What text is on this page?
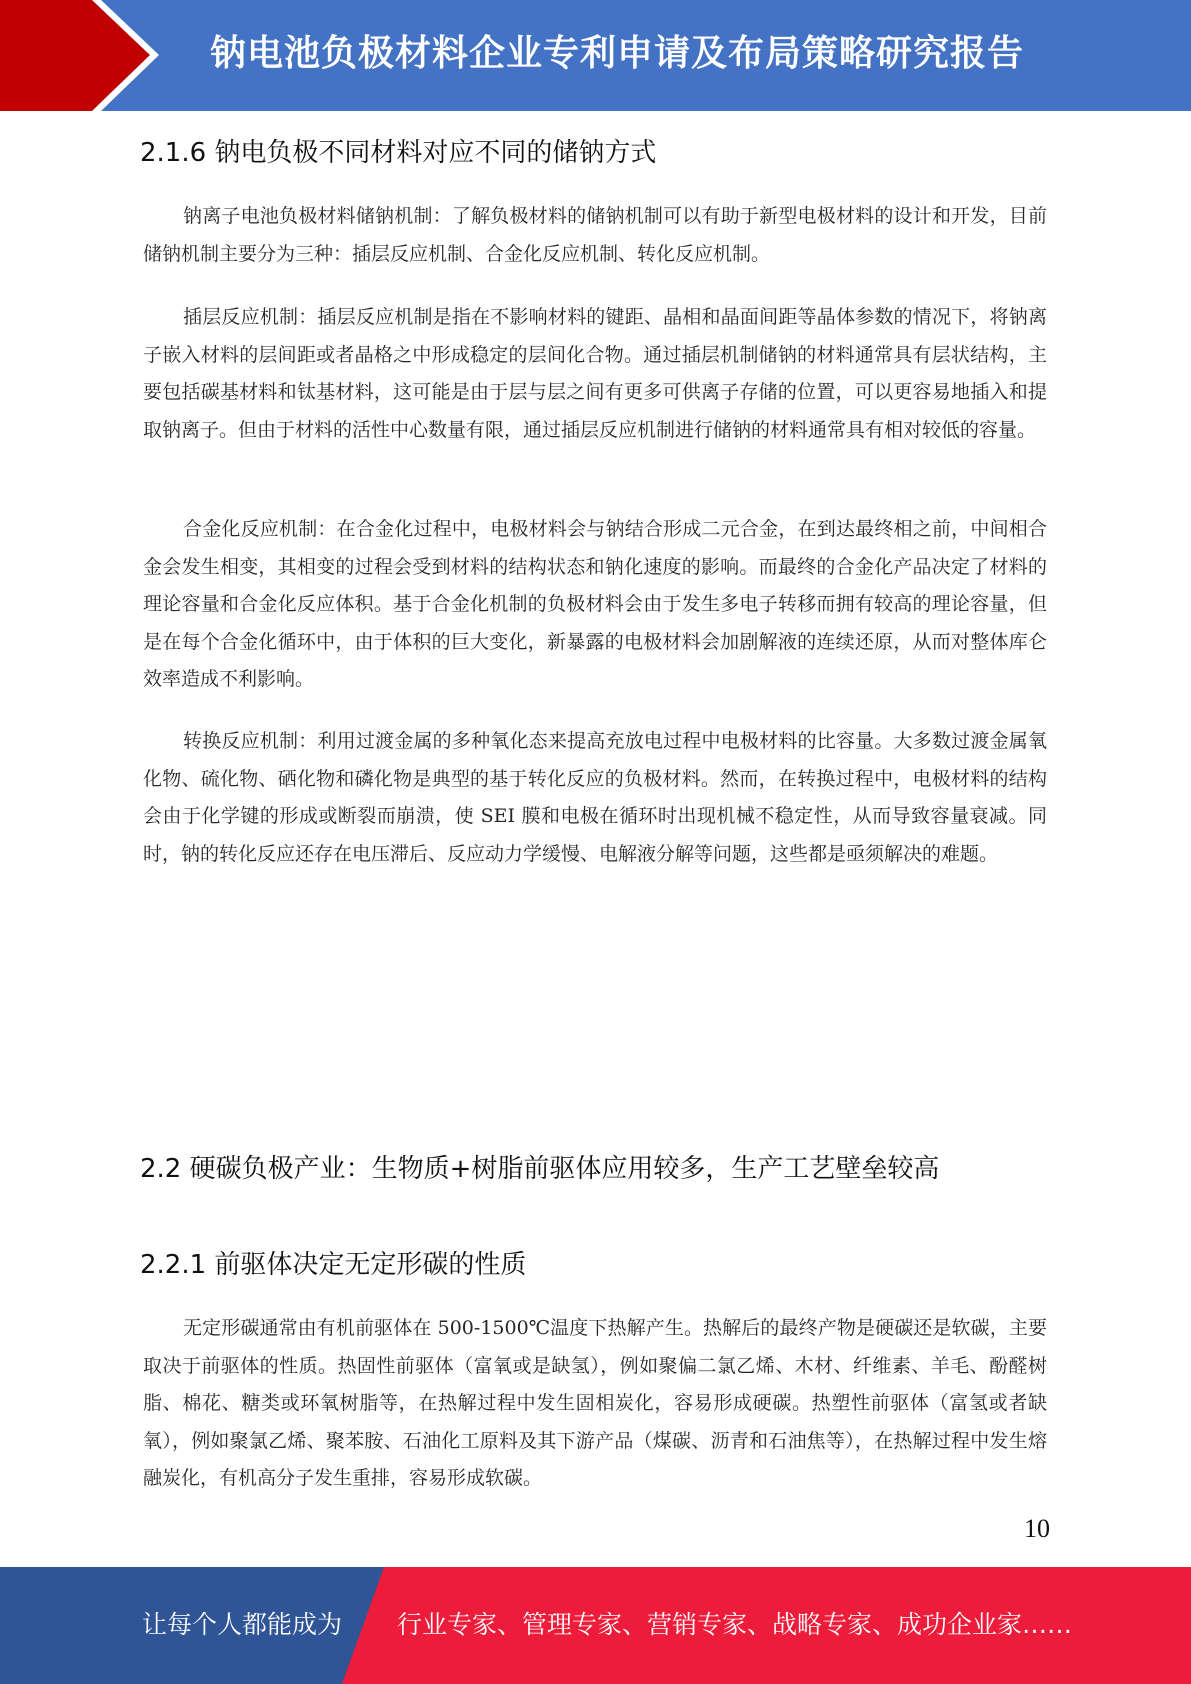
钠电池负极材料企业专利申请及布局策略研究报告
2.1.6 钠电负极不同材料对应不同的储钠方式

钠离子电池负极材料储钠机制：了解负极材料的储钠机制可以有助于新型电极材料的设计和开发，目前储钠机制主要分为三种：插层反应机制、合金化反应机制、转化反应机制。

插层反应机制：插层反应机制是指在不影响材料的键距、晶相和晶面间距等晶体参数的情况下，将钠离子嵌入材料的层间距或者晶格之中形成稳定的层间化合物。通过插层机制储钠的材料通常具有层状结构，主要包括碳基材料和钛基材料，这可能是由于层与层之间有更多可供离子存储的位置，可以更容易地插入和提取钠离子。但由于材料的活性中心数量有限，通过插层反应机制进行储钠的材料通常具有相对较低的容量。

合金化反应机制：在合金化过程中，电极材料会与钠结合形成二元合金，在到达最终相之前，中间相合金会发生相变，其相变的过程会受到材料的结构状态和钠化速度的影响。而最终的合金化产品决定了材料的理论容量和合金化反应体积。基于合金化机制的负极材料会由于发生多电子转移而拥有较高的理论容量，但是在每个合金化循环中，由于体积的巨大变化，新暴露的电极材料会加剧解液的连续还原，从而对整体库仑效率造成不利影响。

转换反应机制：利用过渡金属的多种氧化态来提高充放电过程中电极材料的比容量。大多数过渡金属氧化物、硫化物、硒化物和磷化物是典型的基于转化反应的负极材料。然而，在转换过程中，电极材料的结构会由于化学键的形成或断裂而崩溃，使 SEI 膜和电极在循环时出现机械不稳定性，从而导致容量衰减。同时，钠的转化反应还存在电压滞后、反应动力学缓慢、电解液分解等问题，这些都是亟须解决的难题。

2.2 硬碳负极产业：生物质+树脂前驱体应用较多，生产工艺壁垒较高
2.2.1 前驱体决定无定形碳的性质

无定形碳通常由有机前驱体在 500-1500℃温度下热解产生。热解后的最终产物是硬碳还是软碳，主要取决于前驱体的性质。热固性前驱体（富氧或是缺氢），例如聚偏二氯乙烯、木材、纤维素、羊毛、酚醛树脂、棉花、糖类或环氧树脂等，在热解过程中发生固相炭化，容易形成硬碳。热塑性前驱体（富氢或者缺氧），例如聚氯乙烯、聚苯胺、石油化工原料及其下游产品（煤碳、沥青和石油焦等），在热解过程中发生熔融炭化，有机高分子发生重排，容易形成软碳。

10
让每个人都能成为 行业专家、管理专家、营销专家、战略专家、成功企业家……
